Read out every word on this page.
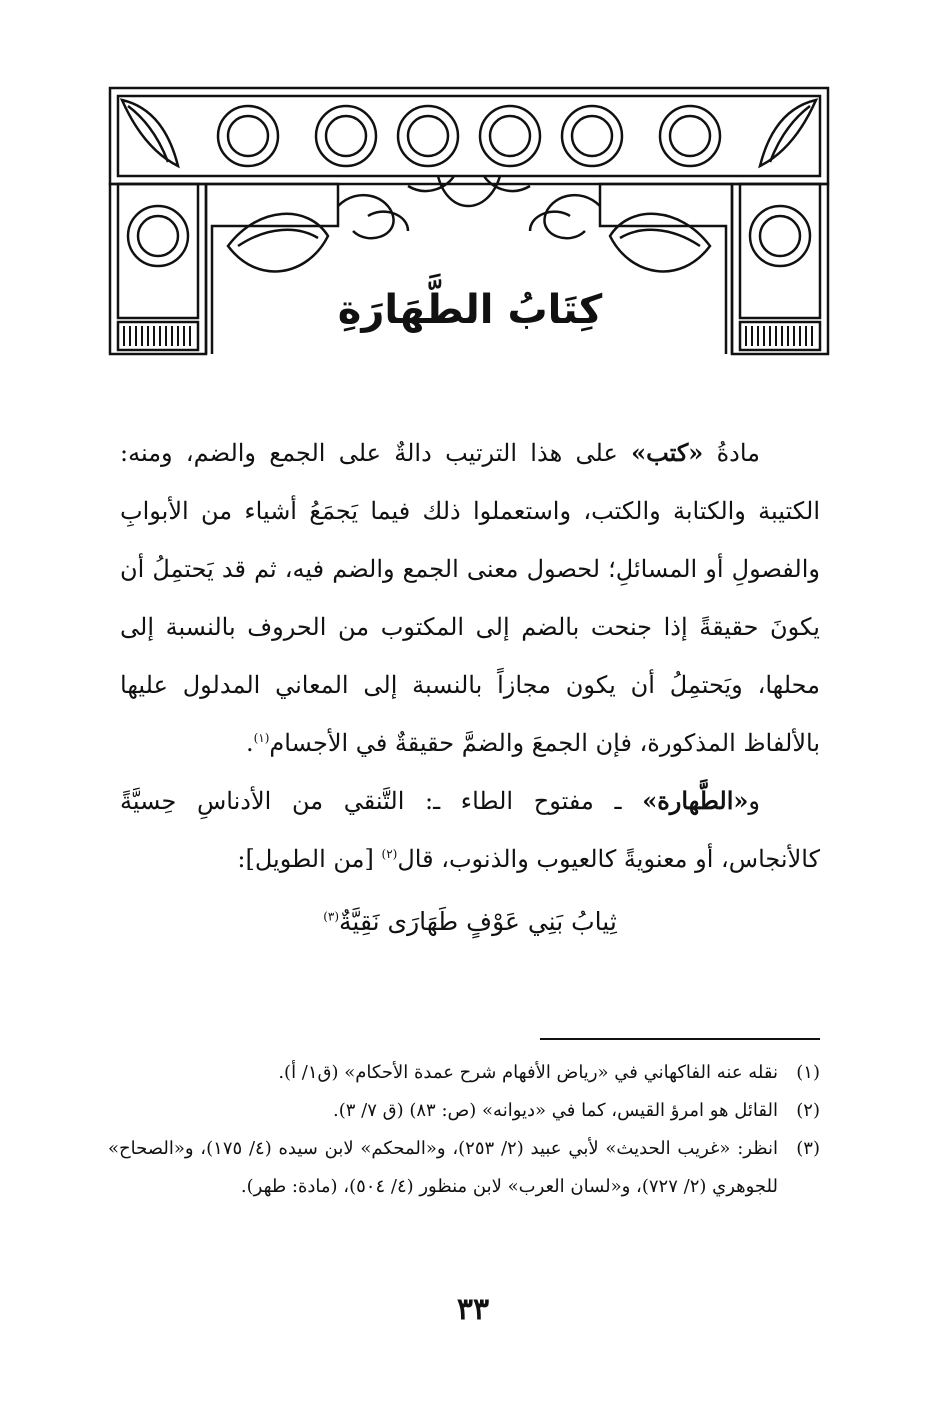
كِتَابُ الطَّهَارَةِ

مادةُ «كتب» على هذا الترتيب دالةٌ على الجمع والضم، ومنه: الكتيبة والكتابة والكتب، واستعملوا ذلك فيما يَجمَعُ أشياء من الأبوابِ والفصولِ أو المسائلِ؛ لحصول معنى الجمع والضم فيه، ثم قد يَحتمِلُ أن يكونَ حقيقةً إذا جنحت بالضم إلى المكتوب من الحروف بالنسبة إلى محلها، ويَحتمِلُ أن يكون مجازاً بالنسبة إلى المعاني المدلول عليها بالألفاظ المذكورة، فإن الجمعَ والضمَّ حقيقةٌ في الأجسام$^{(١)}$.

و«الطَّهارة» ـ مفتوح الطاء ـ: التَّنقي من الأدناسِ حِسيَّةً كالأنجاس، أو معنويةً كالعيوب والذنوب، قال$^{(٢)}$ [من الطويل]:

ثِيابُ بَنِي عَوْفٍ طَهَارَى نَقِيَّةٌ$^{(٣)}$
(١)
نقله عنه الفاكهاني في «رياض الأفهام شرح عمدة الأحكام» (ق١/ أ).
(٢)
القائل هو امرؤ القيس، كما في «ديوانه» (ص: ٨٣) (ق ٧/ ٣).
(٣)
انظر: «غريب الحديث» لأبي عبيد (٢/ ٢٥٣)، و«المحكم» لابن سيده (٤/ ١٧٥)، و«الصحاح» للجوهري (٢/ ٧٢٧)، و«لسان العرب» لابن منظور (٤/ ٥٠٤)، (مادة: طهر).
٣٣
